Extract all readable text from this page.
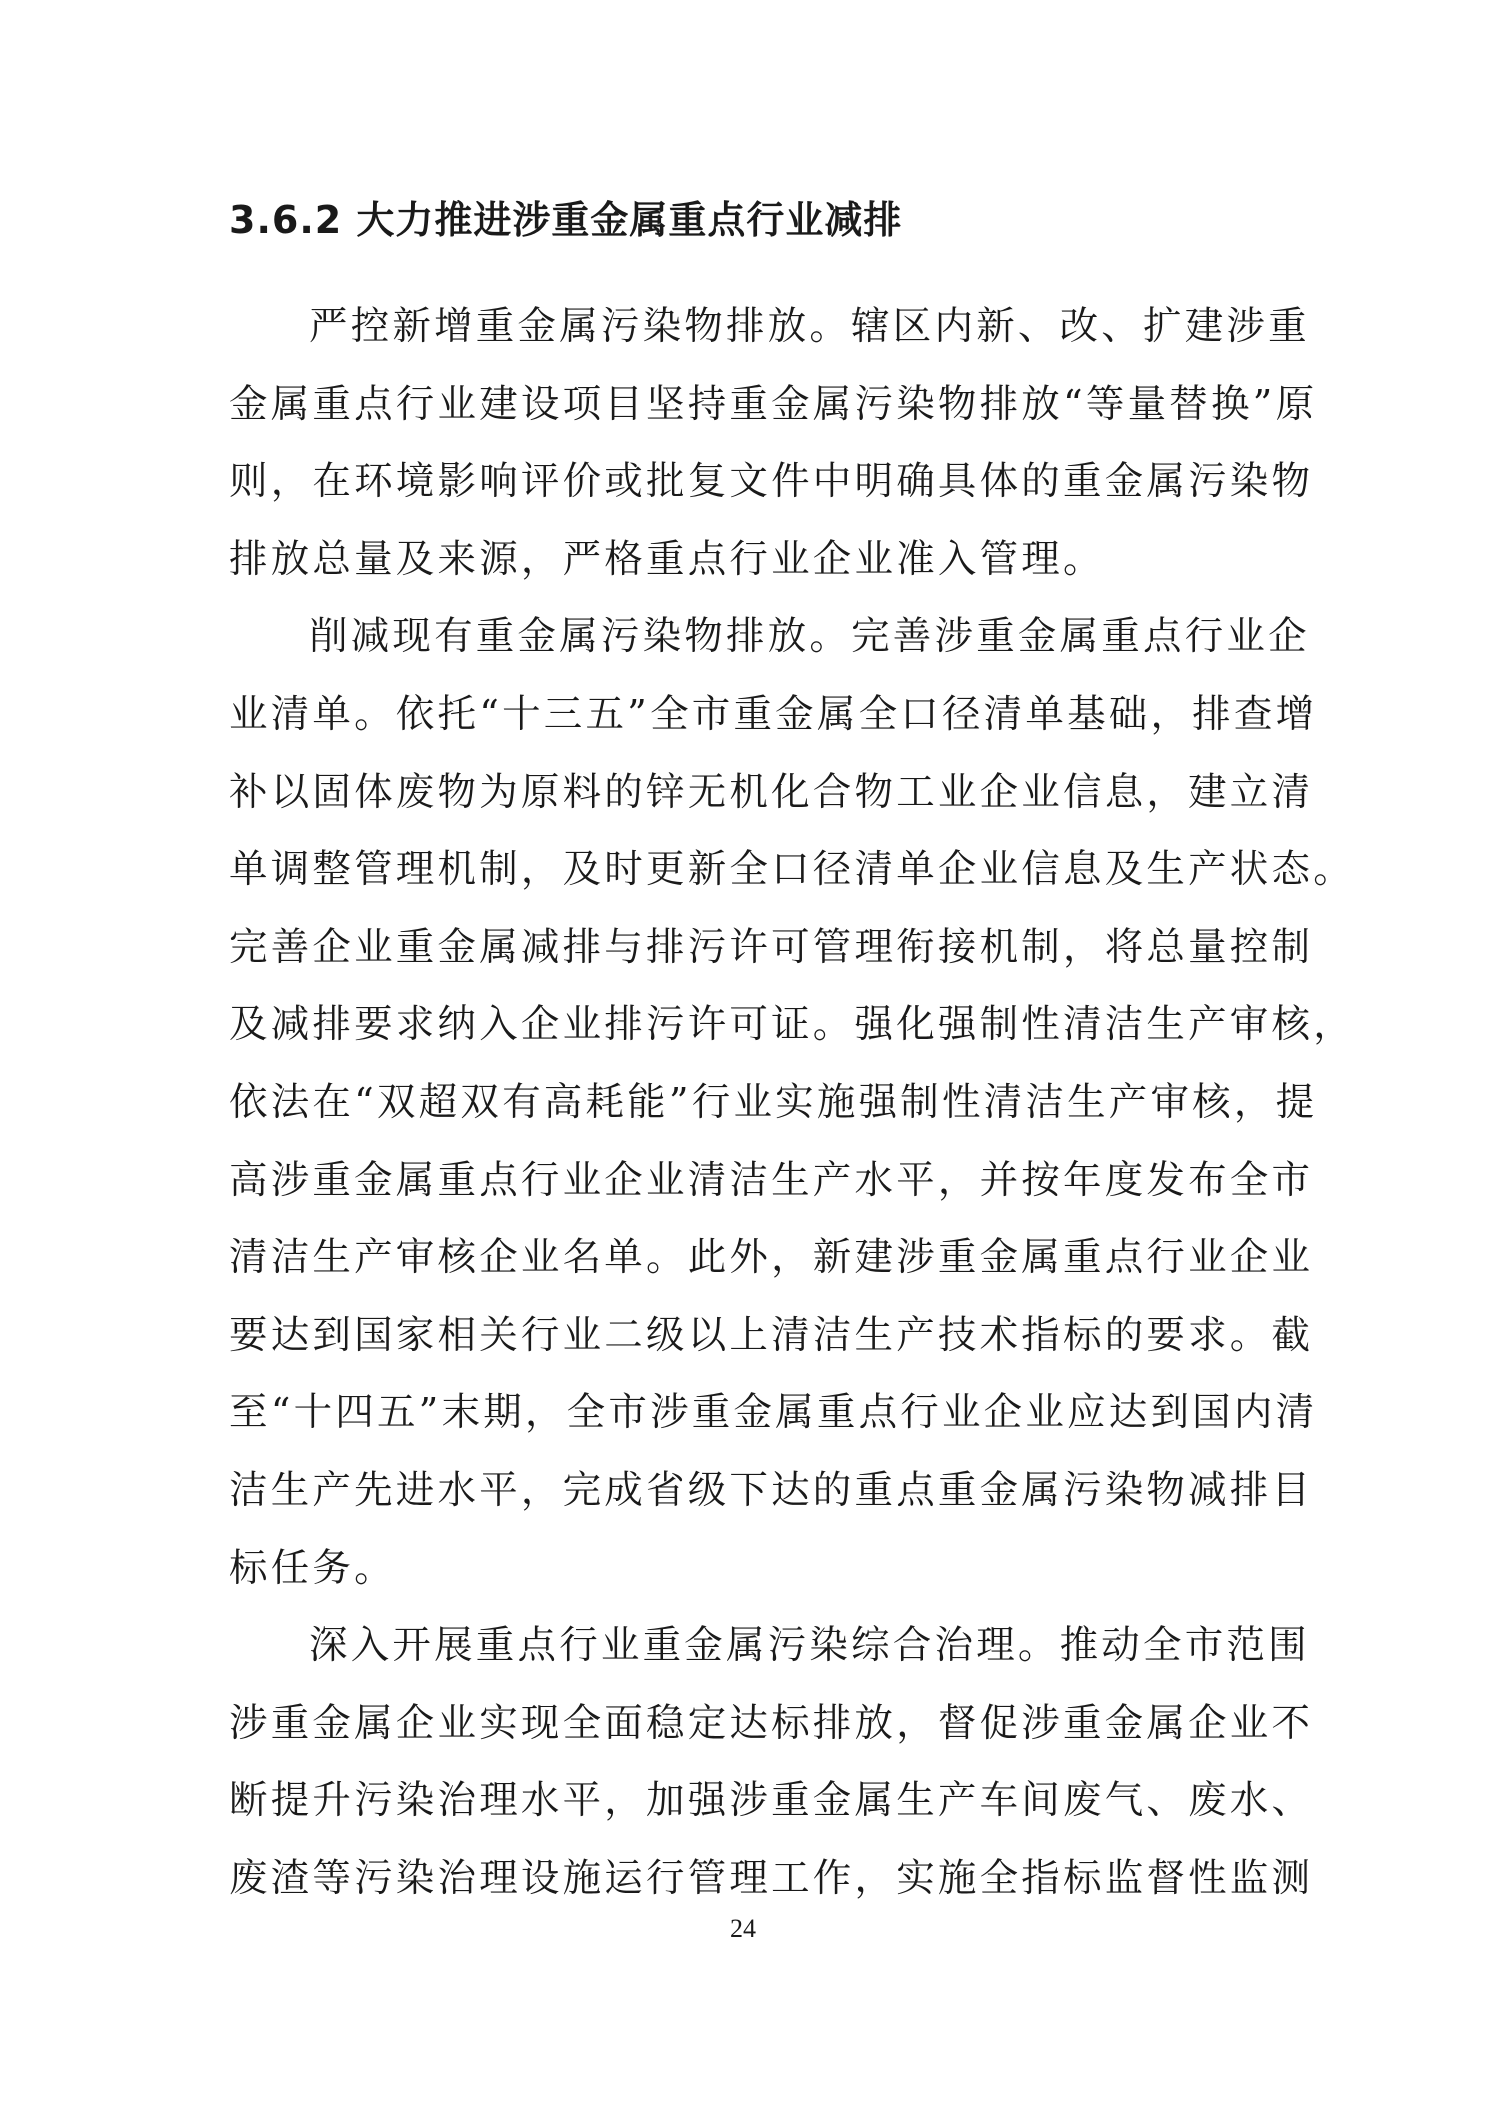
3.6.2 大力推进涉重金属重点行业减排
严控新增重金属污染物排放。辖区内新、改、扩建涉重
金属重点行业建设项目坚持重金属污染物排放“等量替换”原
则，在环境影响评价或批复文件中明确具体的重金属污染物
排放总量及来源，严格重点行业企业准入管理。
削减现有重金属污染物排放。完善涉重金属重点行业企
业清单。依托“十三五”全市重金属全口径清单基础，排查增
补以固体废物为原料的锌无机化合物工业企业信息，建立清
单调整管理机制，及时更新全口径清单企业信息及生产状态。
完善企业重金属减排与排污许可管理衔接机制，将总量控制
及减排要求纳入企业排污许可证。强化强制性清洁生产审核，
依法在“双超双有高耗能”行业实施强制性清洁生产审核，提
高涉重金属重点行业企业清洁生产水平，并按年度发布全市
清洁生产审核企业名单。此外，新建涉重金属重点行业企业
要达到国家相关行业二级以上清洁生产技术指标的要求。截
至“十四五”末期，全市涉重金属重点行业企业应达到国内清
洁生产先进水平，完成省级下达的重点重金属污染物减排目
标任务。
深入开展重点行业重金属污染综合治理。推动全市范围
涉重金属企业实现全面稳定达标排放，督促涉重金属企业不
断提升污染治理水平，加强涉重金属生产车间废气、废水、
废渣等污染治理设施运行管理工作，实施全指标监督性监测
24
